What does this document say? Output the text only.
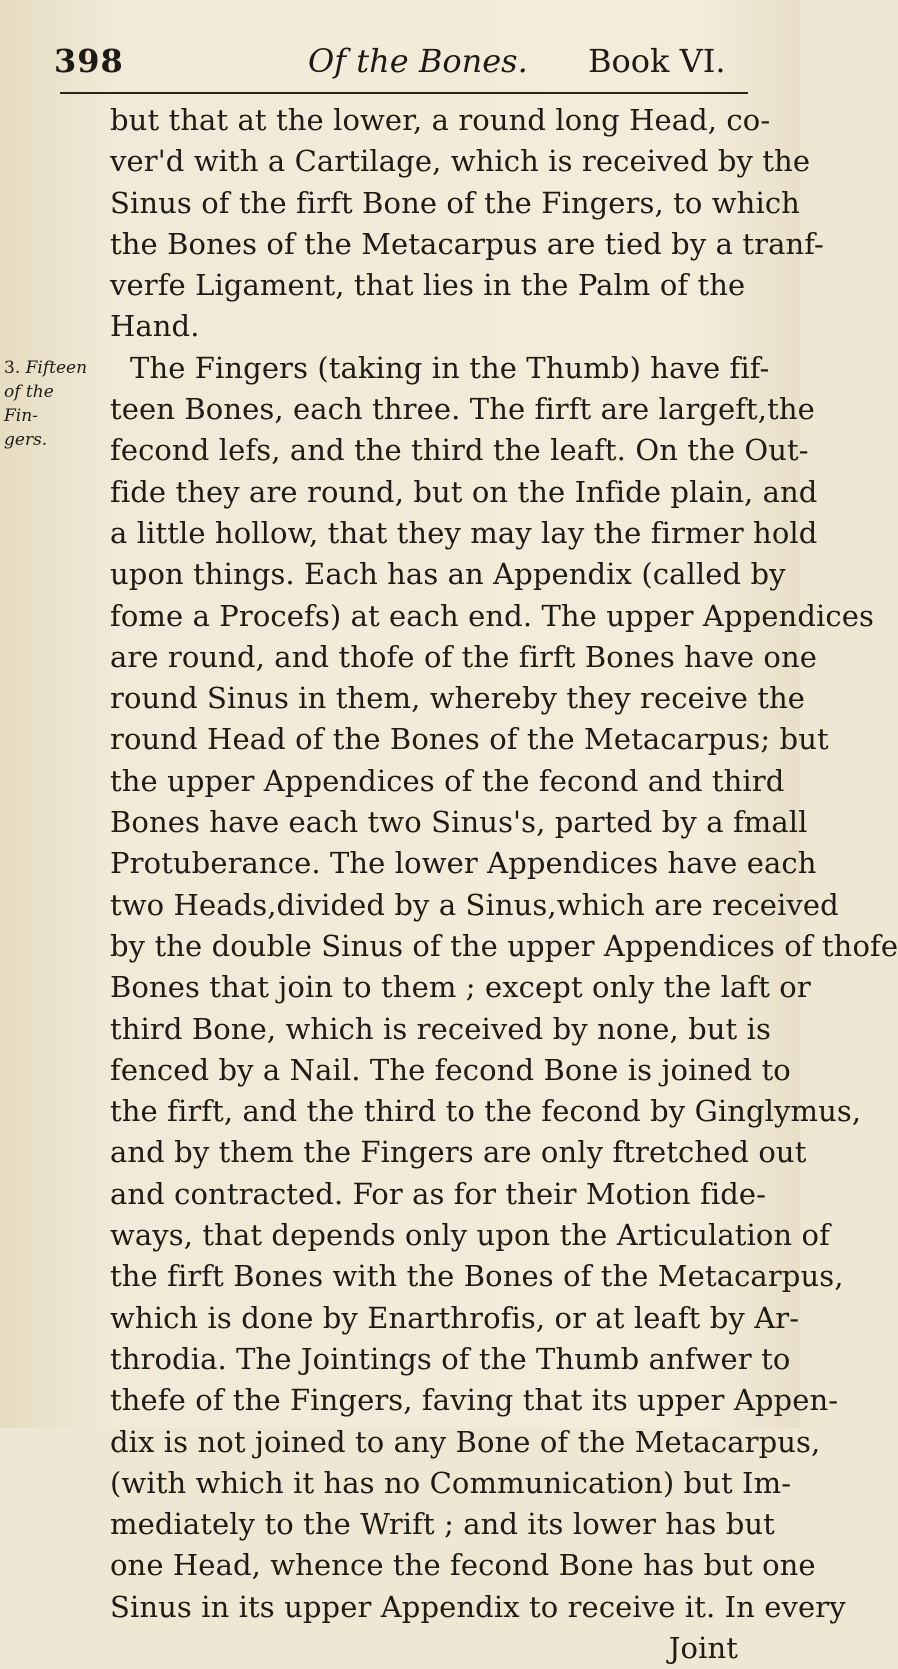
398	Of the Bones. Book VI.
3. Fifteen
of the Fin-
gers.
but that at the lower, a round long Head, co-
ver'd with a Cartilage, which is received by the
Sinus of the firft Bone of the Fingers, to which
the Bones of the Metacarpus are tied by a tranf-
verfe Ligament, that lies in the Palm of the
Hand.
The Fingers (taking in the Thumb) have fif-
teen Bones, each three. The firft are largeft,the
fecond lefs, and the third the leaft. On the Out-
fide they are round, but on the Infide plain, and
a little hollow, that they may lay the firmer hold
upon things. Each has an Appendix (called by
fome a Procefs) at each end. The upper Appendices
are round, and thofe of the firft Bones have one
round Sinus in them, whereby they receive the
round Head of the Bones of the Metacarpus; but
the upper Appendices of the fecond and third
Bones have each two Sinus's, parted by a fmall
Protuberance. The lower Appendices have each
two Heads,divided by a Sinus,which are received
by the double Sinus of the upper Appendices of thofe
Bones that join to them ; except only the laft or
third Bone, which is received by none, but is
fenced by a Nail. The fecond Bone is joined to
the firft, and the third to the fecond by Ginglymus,
and by them the Fingers are only ftretched out
and contracted. For as for their Motion fide-
ways, that depends only upon the Articulation of
the firft Bones with the Bones of the Metacarpus,
which is done by Enarthrofis, or at leaft by Ar-
throdia. The Jointings of the Thumb anfwer to
thefe of the Fingers, faving that its upper Appen-
dix is not joined to any Bone of the Metacarpus,
(with which it has no Communication) but Im-
mediately to the Wrift ; and its lower has but
one Head, whence the fecond Bone has but one
Sinus in its upper Appendix to receive it. In every
Joint
